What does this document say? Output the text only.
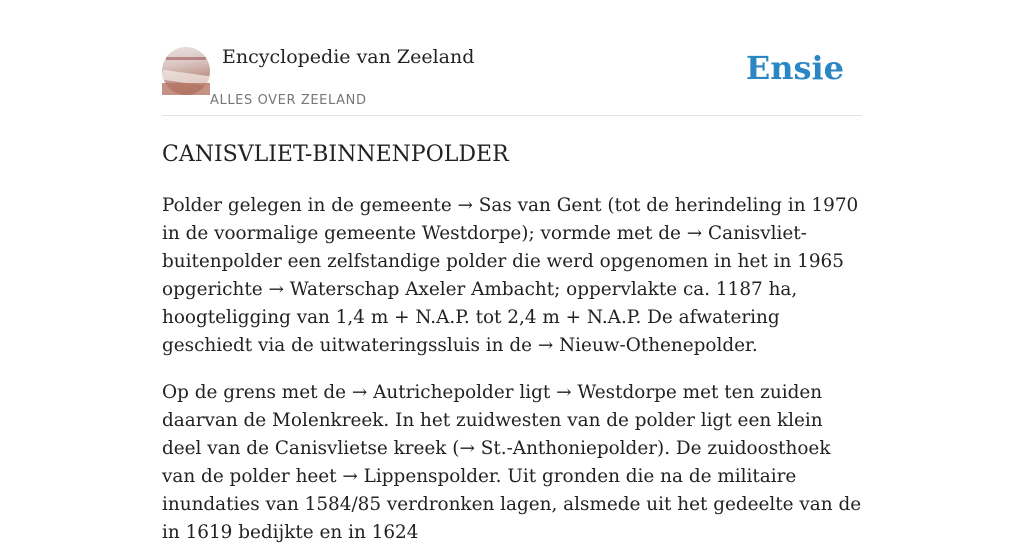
Encyclopedie van Zeeland
ALLES OVER ZEELAND
Ensie
CANISVLIET-BINNENPOLDER

Polder gelegen in de gemeente → Sas van Gent (tot de herindeling in 1970 in de voormalige gemeente Westdorpe); vormde met de → Canisvliet-buitenpolder een zelfstandige polder die werd opgenomen in het in 1965 opgerichte → Waterschap Axeler Ambacht; oppervlakte ca. 1187 ha, hoogteligging van 1,4 m + N.A.P. tot 2,4 m + N.A.P. De afwatering geschiedt via de uitwateringssluis in de → Nieuw-Othenepolder.

Op de grens met de → Autrichepolder ligt → Westdorpe met ten zuiden daarvan de Molenkreek. In het zuidwesten van de polder ligt een klein deel van de Canisvlietse kreek (→ St.-Anthoniepolder). De zuidoosthoek van de polder heet → Lippenspolder. Uit gronden die na de militaire inundaties van 1584/85 verdronken lagen, alsmede uit het gedeelte van de in 1619 bedijkte en in 1624
